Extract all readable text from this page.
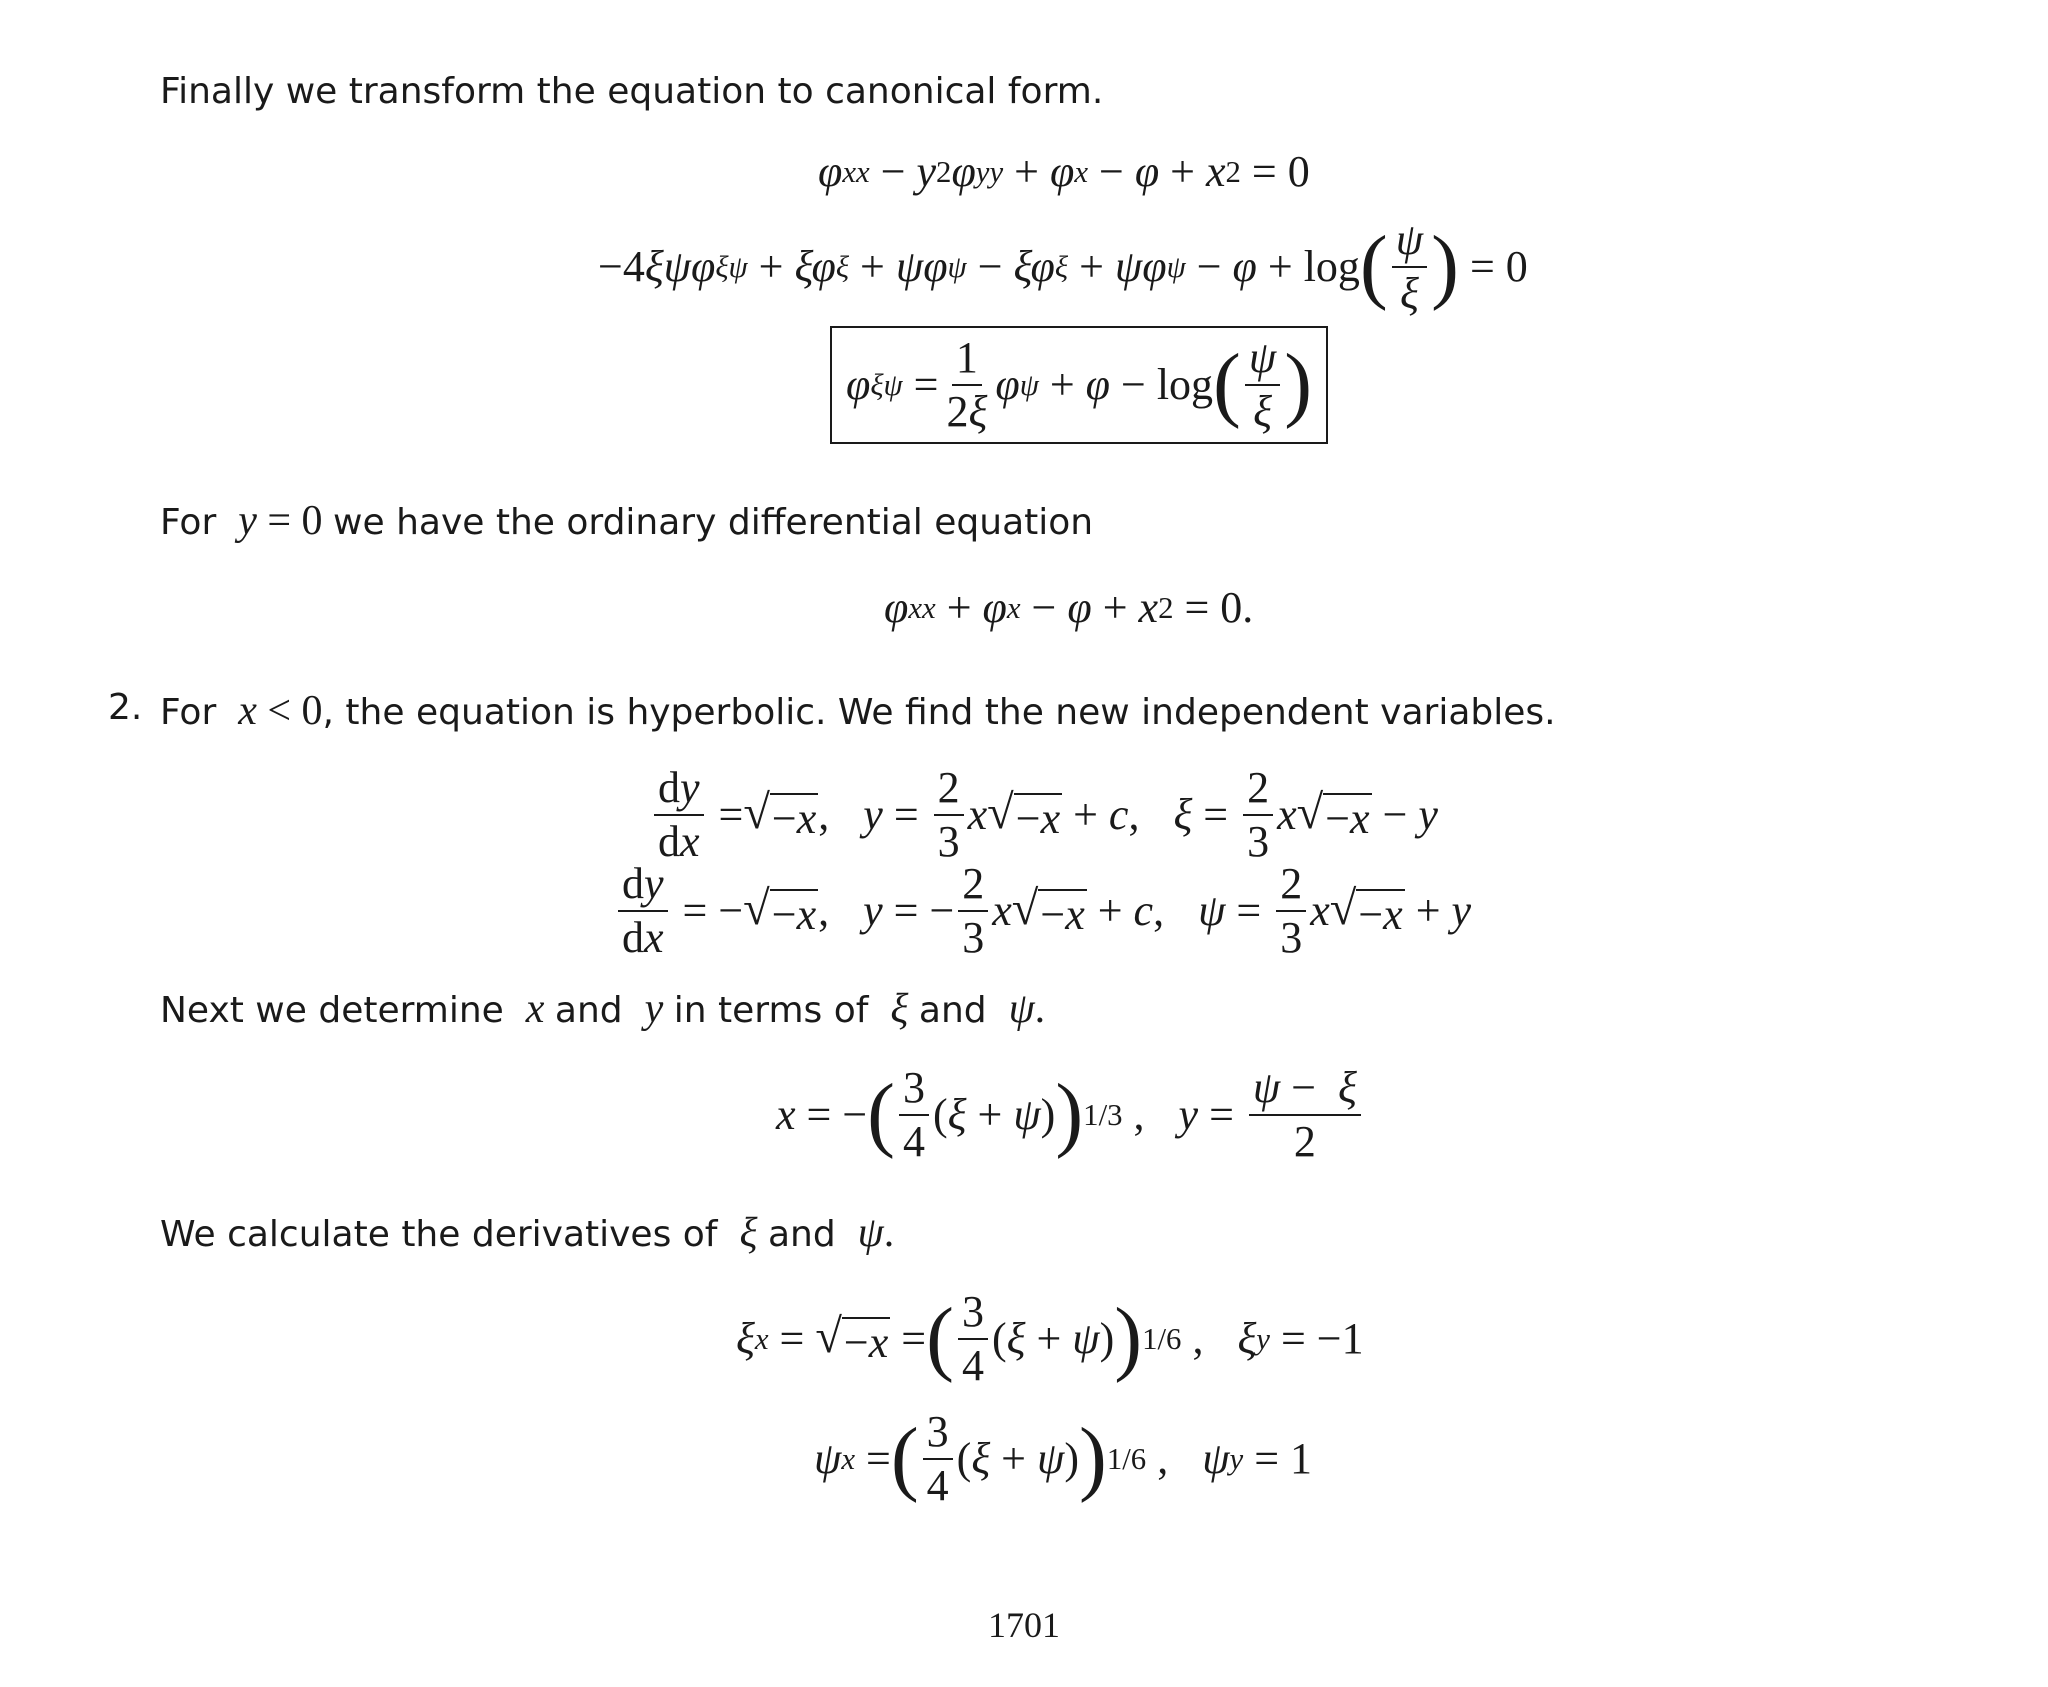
Finally we transform the equation to canonical form.
φ xx − y 2 φ yy + φ x − φ + x 2 = 0
−4 ξψφ ξψ + ξφ ξ + ψφ ψ − ξφ ξ + ψφ ψ − φ + log ( $\frac{\psi}{\xi}$ ) = 0
φ $\xi\psi = \frac{1}{2\xi}$ φ ψ + φ − log ( $\frac{\psi}{\xi}$ )
For  y = 0 we have the ordinary differential equation
φ xx + φ x − φ + x 2 = 0.
2. For  x < 0, the equation is hyperbolic. We find the new independent variables.
$\frac{dy}{dx}$ = √ −x , $y = \frac{2}{3}$ x √ −x + c , $\xi = \frac{2}{3}$ x √ −x − y
$\frac{dy}{dx}$ = − √ −x , y = − $\frac{2}{3}$ x √ −x + c , $\psi = \frac{2}{3}$ x √ −x + y
Next we determine  x and  y in terms of  ξ and  ψ.
x = − ( $\frac{3}{4}$ ( ξ + ψ ) ) 1/3 , $y = \frac{\psi - \xi}{2}$
We calculate the derivatives of  ξ and  ψ.
ξ x = √ −x = ( $\frac{3}{4}$ ( ξ + ψ ) ) 1/6 , ξ y = −1
ψ x = ( $\frac{3}{4}$ ( ξ + ψ ) ) 1/6 , ψ y = 1
1701
